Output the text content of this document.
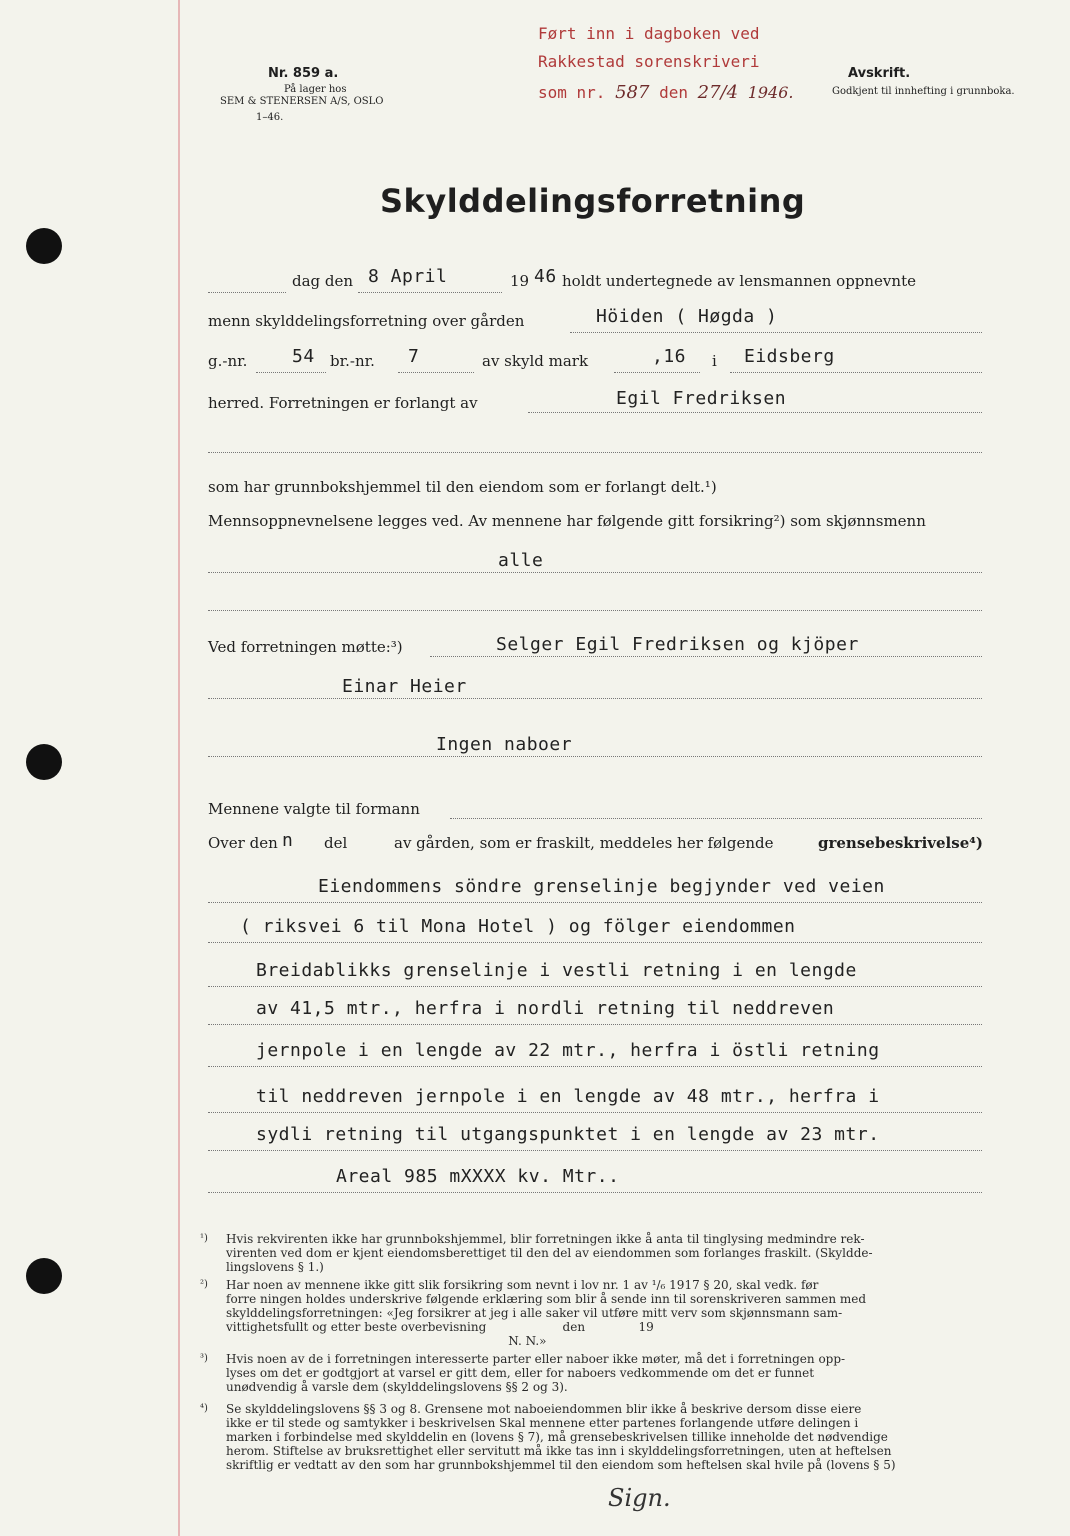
Nr. 859 a.
På lager hos
SEM & STENERSEN A/S, OSLO
1–46.
Ført inn i dagboken ved
Rakkestad sorenskriveri
som nr. 587 den 27/4 1946.
Avskrift.
Godkjent til innhefting i grunnboka.
Skylddelingsforretning
dag den 8 April	19 46 holdt undertegnede av lensmannen oppnevnte
menn skylddelingsforretning over gården	Höiden ( Høgda )
g.-nr. 54 br.-nr. 7	av skyld mark	,16 i Eidsberg
herred. Forretningen er forlangt av	Egil Fredriksen
som har grunnbokshjemmel til den eiendom som er forlangt delt.¹)
Mennsoppnevnelsene legges ved. Av mennene har følgende gitt forsikring²) som skjønnsmenn
alle
Ved forretningen møtte:³)	Selger Egil Fredriksen og kjöper
Einar Heier
Ingen naboer
Mennene valgte til formann
Over den n del	av gården, som er fraskilt, meddeles her følgende	grensebeskrivelse⁴)
Eiendommens söndre grenselinje begjynder ved veien
( riksvei 6 til Mona Hotel ) og fölger eiendommen
Breidablikks grenselinje i vestli retning i en lengde
av 41,5 mtr., herfra i nordli retning til neddreven
jernpole i en lengde av 22 mtr., herfra i östli retning
til neddreven jernpole i en lengde av 48 mtr., herfra i
sydli retning til utgangspunktet i en lengde av 23 mtr.
Areal 985 mXXXX kv. Mtr..
¹)	Hvis rekvirenten ikke har grunnbokshjemmel, blir forretningen ikke å anta til tinglysing medmindre rek-
virenten ved dom er kjent eiendomsberettiget til den del av eiendommen som forlanges fraskilt. (Skyldde-
lingslovens § 1.)
²)	Har noen av mennene ikke gitt slik forsikring som nevnt i lov nr. 1 av ¹/₆ 1917 § 20, skal vedk. før
forre ningen holdes underskrive følgende erklæring som blir å sende inn til sorenskriveren sammen med
skylddelingsforretningen: «Jeg forsikrer at jeg i alle saker vil utføre mitt verv som skjønnsmann sam-
vittighetsfullt og etter beste overbevisning                    den              19
N. N.»
³)	Hvis noen av de i forretningen interesserte parter eller naboer ikke møter, må det i forretningen opp-
lyses om det er godtgjort at varsel er gitt dem, eller for naboers vedkommende om det er funnet
unødvendig å varsle dem (skylddelingslovens §§ 2 og 3).
⁴)	Se skylddelingslovens §§ 3 og 8. Grensene mot naboeiendommen blir ikke å beskrive dersom disse eiere
ikke er til stede og samtykker i beskrivelsen Skal mennene etter partenes forlangende utføre delingen i
marken i forbindelse med skylddelin en (lovens § 7), må grensebeskrivelsen tillike inneholde det nødvendige
herom. Stiftelse av bruksrettighet eller servitutt må ikke tas inn i skylddelingsforretningen, uten at heftelsen
skriftlig er vedtatt av den som har grunnbokshjemmel til den eiendom som heftelsen skal hvile på (lovens § 5)
Sign.
